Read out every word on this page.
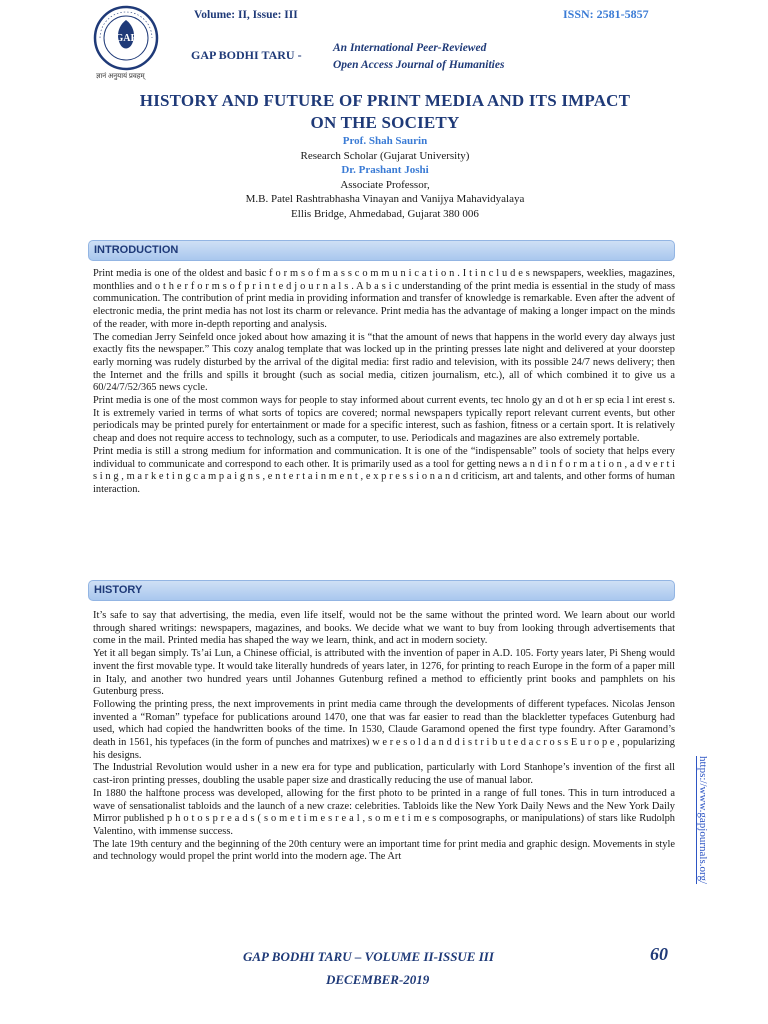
GAP
ज्ञानं अनुयायं प्रवहम्
Volume: II, Issue: III	ISSN: 2581-5857
GAP BODHI TARU -	An International Peer-Reviewed
Open Access Journal of Humanities
HISTORY AND FUTURE OF PRINT MEDIA AND ITS IMPACT
ON THE SOCIETY
Prof. Shah Saurin
Research Scholar (Gujarat University)
Dr. Prashant Joshi
Associate Professor,
M.B. Patel Rashtrabhasha Vinayan and Vanijya Mahavidyalaya
Ellis Bridge, Ahmedabad, Gujarat 380 006
INTRODUCTION

Print media is one of the oldest and basic f o r m s o f m a s s c o m m u n i c a t i o n . I t i n c l u d e s newspapers, weeklies, magazines, monthlies and o t h e r f o r m s o f p r i n t e d j o u r n a l s . A b a s i c understanding of the print media is essential in the study of mass communication. The contribution of print media in providing information and transfer of knowledge is remarkable. Even after the advent of electronic media, the print media has not lost its charm or relevance. Print media has the advantage of making a longer impact on the minds of the reader, with more in-depth reporting and analysis.

The comedian Jerry Seinfeld once joked about how amazing it is “that the amount of news that happens in the world every day always just exactly fits the newspaper.” This cozy analog template that was locked up in the printing presses late night and delivered at your doorstep early morning was rudely disturbed by the arrival of the digital media: first radio and television, with its possible 24/7 news delivery; then the Internet and the frills and spills it brought (such as social media, citizen journalism, etc.), all of which combined it to give us a 60/24/7/52/365 news cycle.

Print media is one of the most common ways for people to stay informed about current events, tec hnolo gy an d ot h er sp ecia l int erest s. It is extremely varied in terms of what sorts of topics are covered; normal newspapers typically report relevant current events, but other periodicals may be printed purely for entertainment or made for a specific interest, such as fashion, fitness or a certain sport. It is relatively cheap and does not require access to technology, such as a computer, to use. Periodicals and magazines are also extremely portable.

Print media is still a strong medium for information and communication. It is one of the “indispensable” tools of society that helps every individual to communicate and correspond to each other. It is primarily used as a tool for getting news a n d i n f o r m a t i o n , a d v e r t i s i n g , m a r k e t i n g c a m p a i g n s , e n t e r t a i n m e n t , e x p r e s s i o n a n d criticism, art and talents, and other forms of human interaction.

HISTORY

It’s safe to say that advertising, the media, even life itself, would not be the same without the printed word. We learn about our world through shared writings: newspapers, magazines, and books. We decide what we want to buy from looking through advertisements that come in the mail. Printed media has shaped the way we learn, think, and act in modern society.

Yet it all began simply. Ts’ai Lun, a Chinese official, is attributed with the invention of paper in A.D. 105. Forty years later, Pi Sheng would invent the first movable type. It would take literally hundreds of years later, in 1276, for printing to reach Europe in the form of a paper mill in Italy, and another two hundred years until Johannes Gutenburg refined a method to efficiently print books and pamphlets on his Gutenburg press.

Following the printing press, the next improvements in print media came through the developments of different typefaces. Nicolas Jenson invented a “Roman” typeface for publications around 1470, one that was far easier to read than the blackletter typefaces Gutenburg had used, which had copied the handwritten books of the time. In 1530, Claude Garamond opened the first type foundry. After Garamond’s death in 1561, his typefaces (in the form of punches and matrixes) w e r e s o l d a n d d i s t r i b u t e d a c r o s s E u r o p e , popularizing his designs.

The Industrial Revolution would usher in a new era for type and publication, particularly with Lord Stanhope’s invention of the first all cast-iron printing presses, doubling the usable paper size and drastically reducing the use of manual labor.

In 1880 the halftone process was developed, allowing for the first photo to be printed in a range of full tones. This in turn introduced a wave of sensationalist tabloids and the launch of a new craze: celebrities. Tabloids like the New York Daily News and the New York Daily Mirror published p h o t o s p r e a d s ( s o m e t i m e s r e a l , s o m e t i m e s composographs, or manipulations) of stars like Rudolph Valentino, with immense success.

The late 19th century and the beginning of the 20th century were an important time for print media and graphic design. Movements in style and technology would propel the print world into the modern age. The Art	https://www.gapjournals.org/
GAP BODHI TARU – VOLUME II-ISSUE III	60
DECEMBER-2019
